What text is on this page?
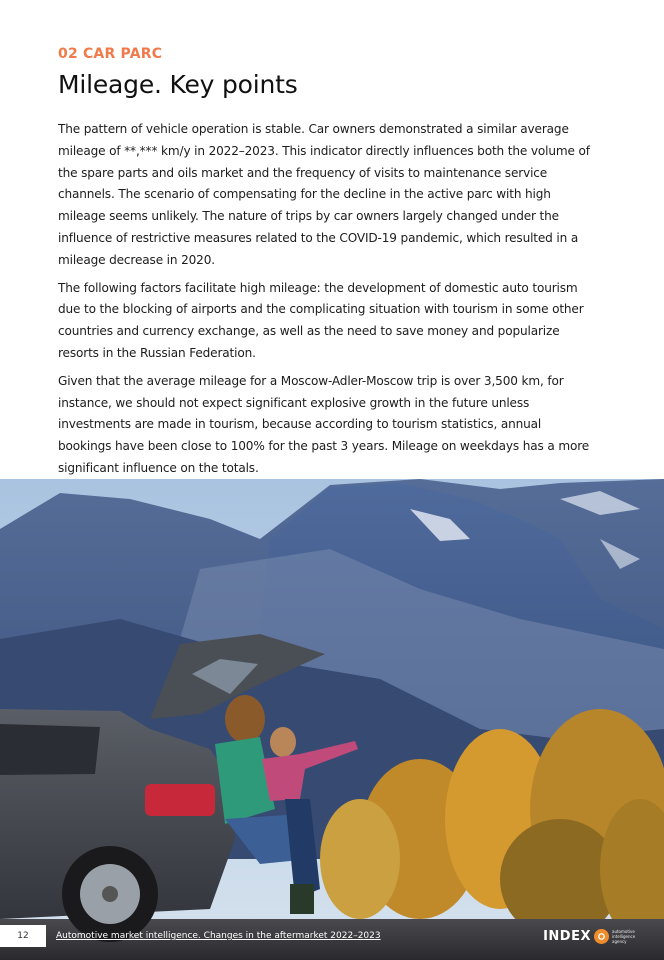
02 CAR PARC
Mileage. Key points

The pattern of vehicle operation is stable. Car owners demonstrated a similar average mileage of **,*** km/y in 2022–2023. This indicator directly influences both the volume of the spare parts and oils market and the frequency of visits to maintenance service channels. The scenario of compensating for the decline in the active parc with high mileage seems unlikely. The nature of trips by car owners largely changed under the influence of restrictive measures related to the COVID-19 pandemic, which resulted in a mileage decrease in 2020.

The following factors facilitate high mileage: the development of domestic auto tourism due to the blocking of airports and the complicating situation with tourism in some other countries and currency exchange, as well as the need to save money and popularize resorts in the Russian Federation.

Given that the average mileage for a Moscow-Adler-Moscow trip is over 3,500 km, for instance, we should not expect significant explosive growth in the future unless investments are made in tourism, because according to tourism statistics, annual bookings have been close to 100% for the past 3 years. Mileage on weekdays has a more significant influence on the totals.

12	Automotive market intelligence. Changes in the aftermarket 2022–2023	INDEX	automotive intelligence agency
